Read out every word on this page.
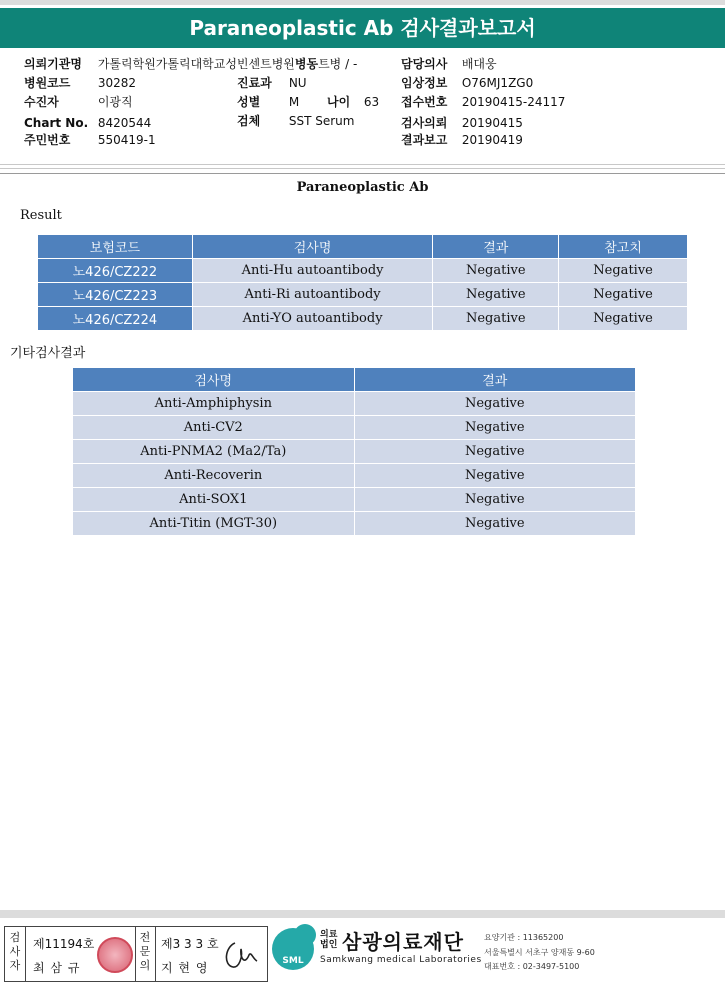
Paraneoplastic Ab 검사결과보고서
의뢰기관명 가톨릭학원가톨릭대학교성빈센트병원병동트병 / -	담당의사 배대웅
병원코드 30282	진료과 NU	임상정보 O76MJ1ZG0
수진자	이광직	성별 M 나이 63 접수번호 20190415-24117
Chart No. 8420544	검체 SST Serum	검사의뢰 20190415
주민번호 550419-1	결과보고 20190419
Paraneoplastic Ab
Result
보험코드	검사명	결과	참고치
노426/CZ222	Anti-Hu autoantibody	Negative	Negative
노426/CZ223	Anti-Ri autoantibody	Negative	Negative
노426/CZ224	Anti-YO autoantibody	Negative	Negative
기타검사결과
검사명	결과
Anti-Amphiphysin	Negative
Anti-CV2	Negative
Anti-PNMA2 (Ma2/Ta)	Negative
Anti-Recoverin	Negative
Anti-SOX1	Negative
Anti-Titin (MGT-30)	Negative
검사자
제11194호
최 삼 규
전문의
제3 3 3 호
지 현 영	SML
의료
법인 삼광의료재단
Samkwang medical Laboratories
요양기관 : 11365200
서울특별시 서초구 양재동 9-60
대표번호 : 02-3497-5100
